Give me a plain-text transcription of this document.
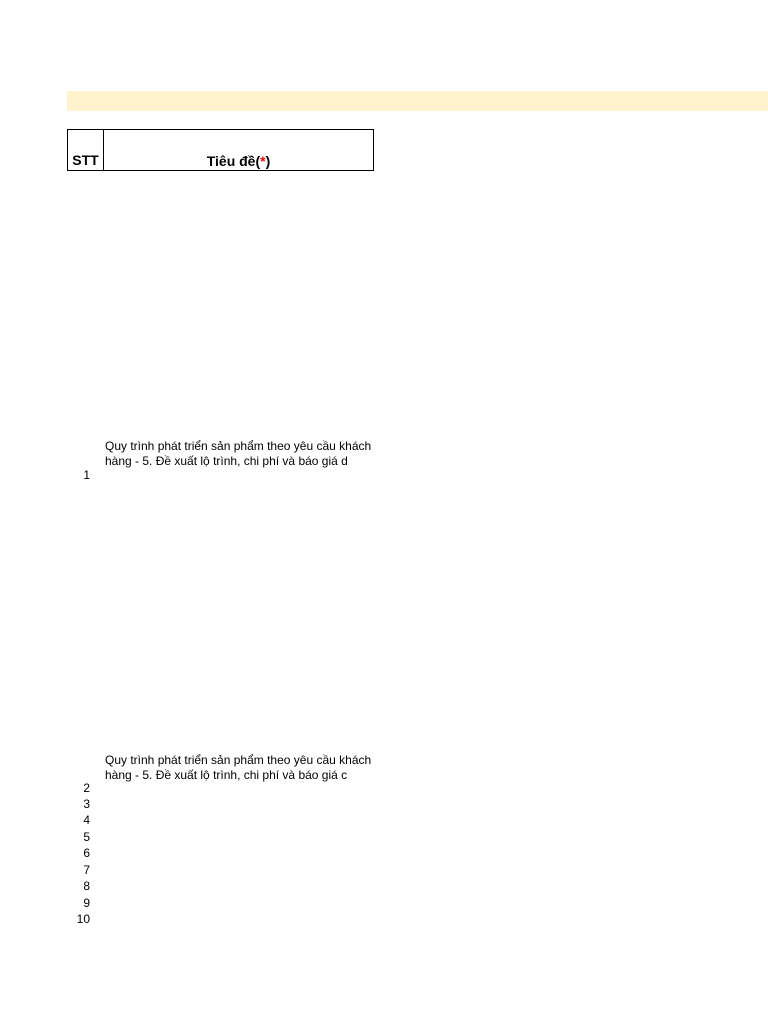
STT	Tiêu đề( * )
Quy trình phát triển sản phẩm theo yêu cầu khách hàng - 5. Đề xuất lộ trình, chi phí và báo giá d
1
Quy trình phát triển sản phẩm theo yêu cầu khách hàng - 5. Đề xuất lộ trình, chi phí và báo giá c
2
3
4
5
6
7
8
9
10
